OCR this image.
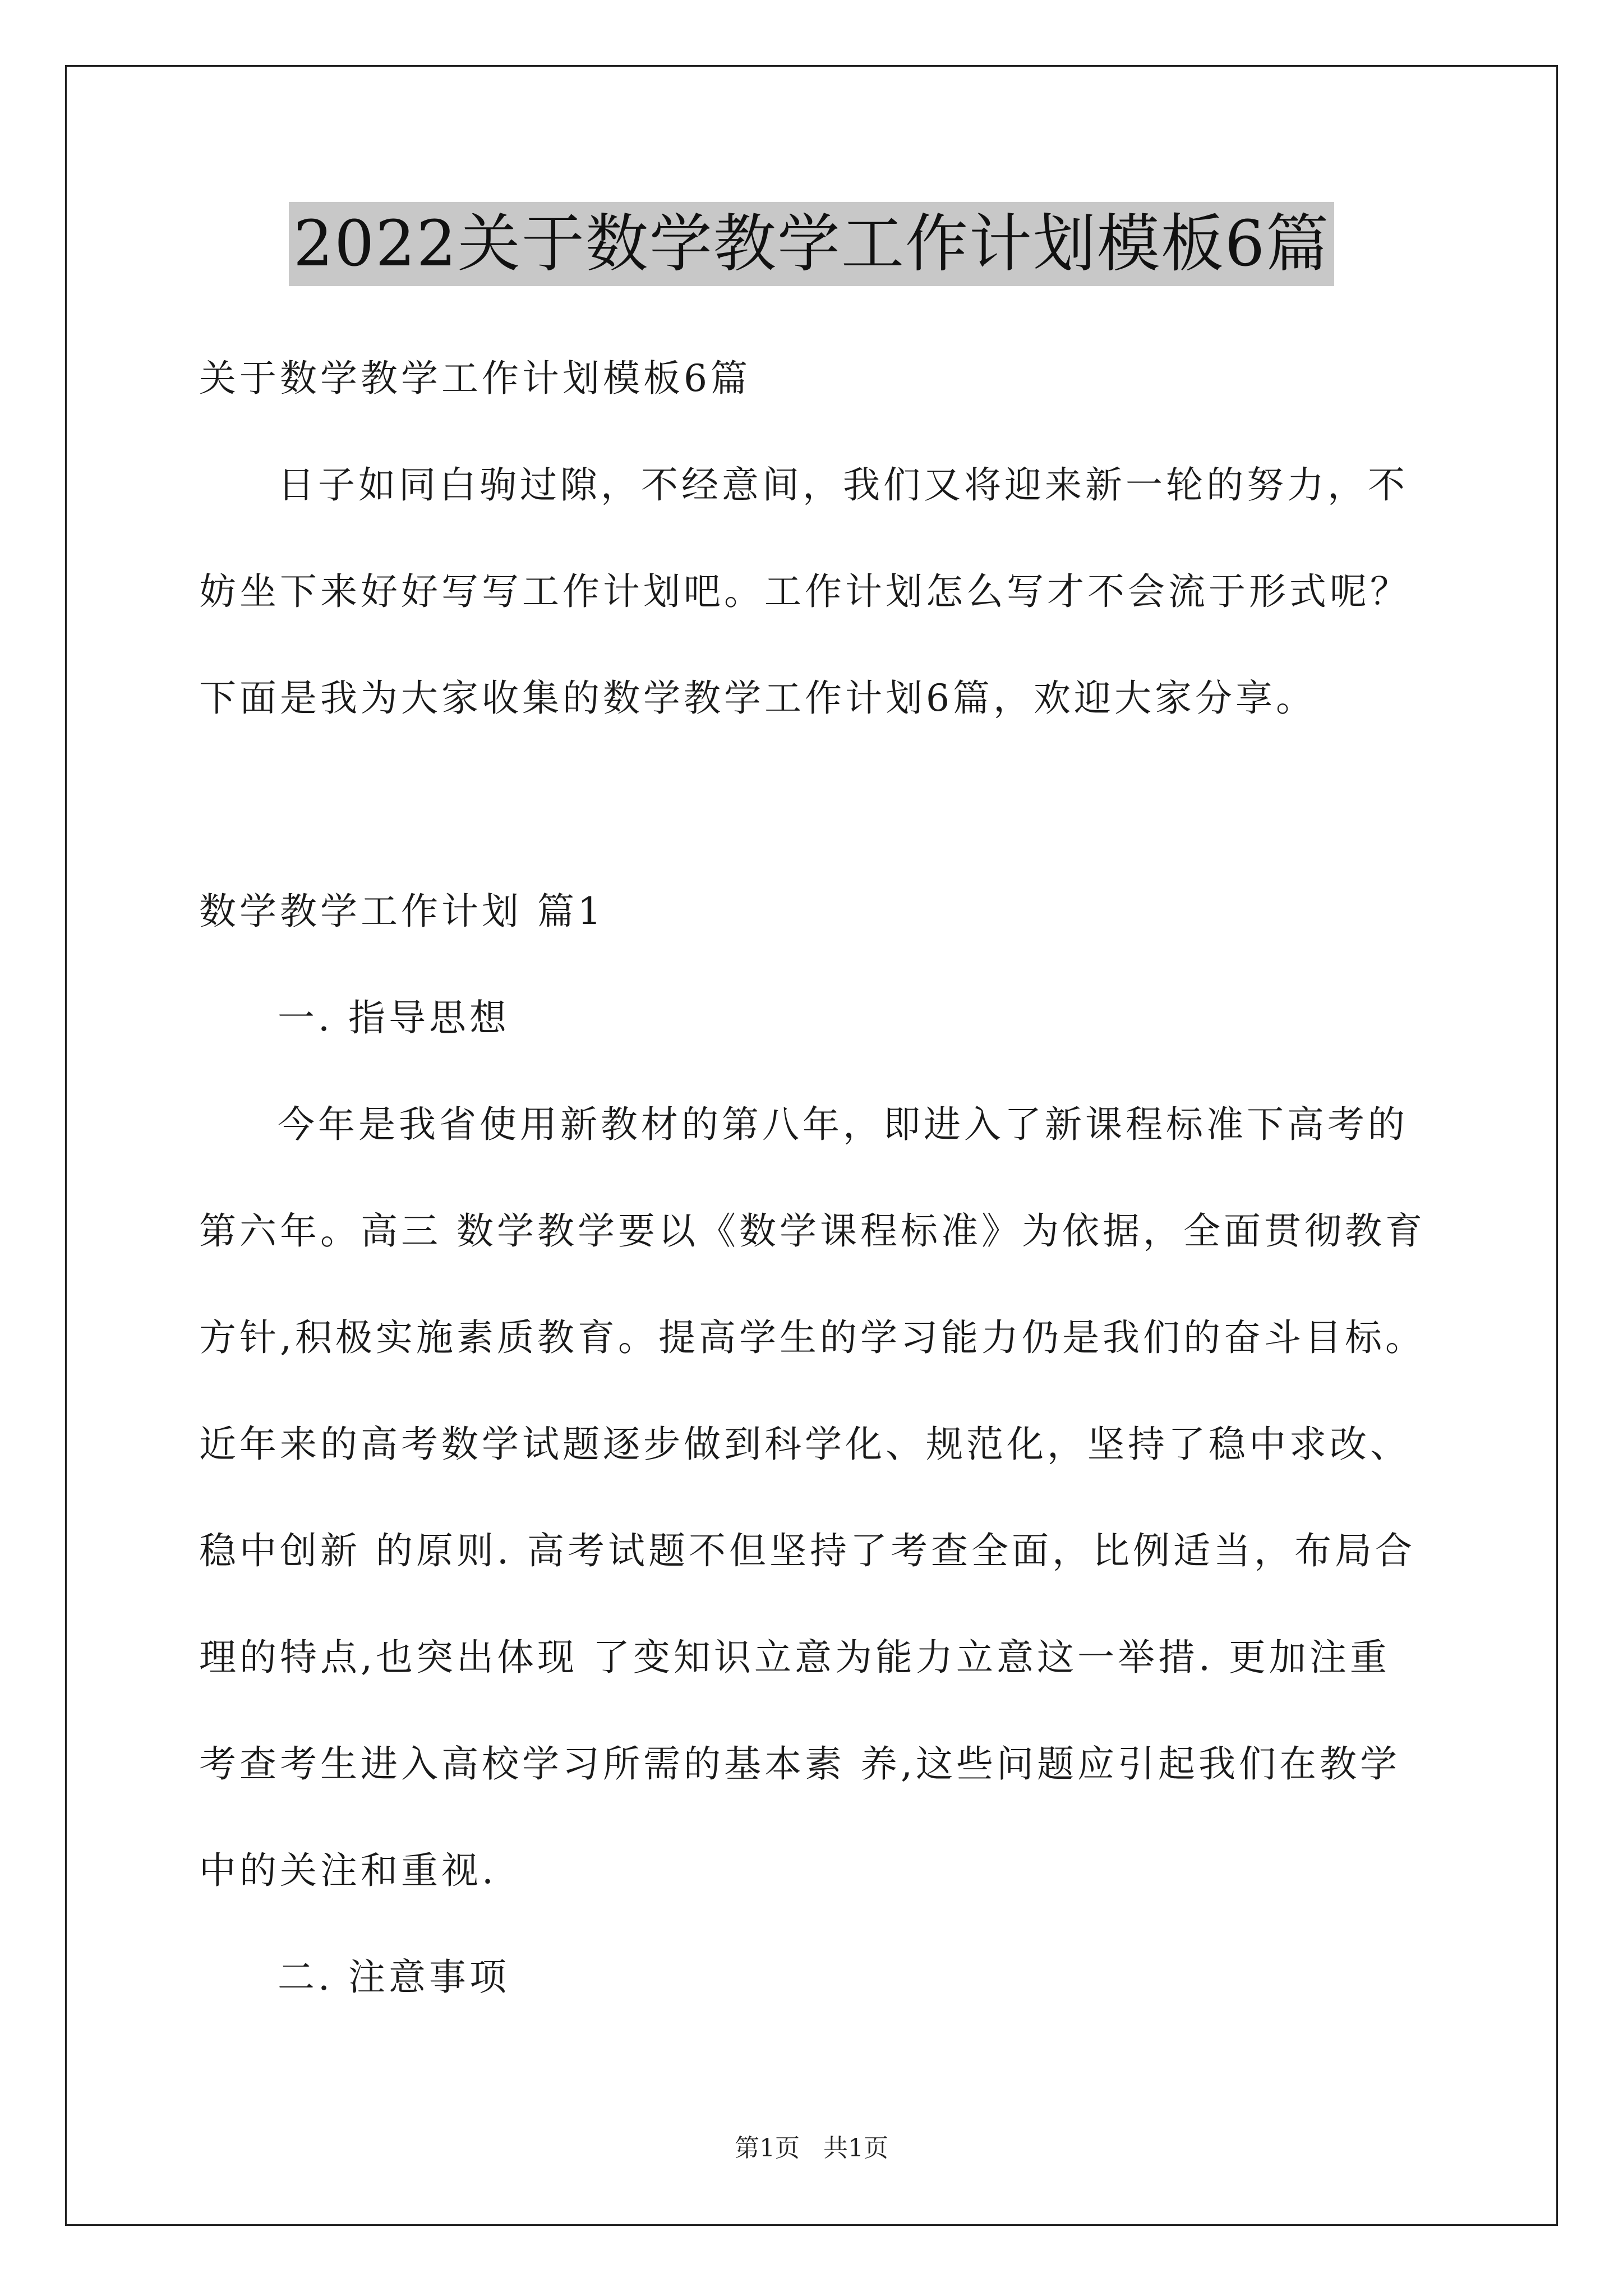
2022关于数学教学工作计划模板6篇
关于数学教学工作计划模板6篇
日子如同白驹过隙，不经意间，我们又将迎来新一轮的努力，不
妨坐下来好好写写工作计划吧。工作计划怎么写才不会流于形式呢？
下面是我为大家收集的数学教学工作计划6篇，欢迎大家分享。
数学教学工作计划 篇1
一. 指导思想
今年是我省使用新教材的第八年，即进入了新课程标准下高考的
第六年。高三 数学教学要以《数学课程标准》为依据，全面贯彻教育
方针,积极实施素质教育。提高学生的学习能力仍是我们的奋斗目标。
近年来的高考数学试题逐步做到科学化、规范化，坚持了稳中求改、
稳中创新 的原则. 高考试题不但坚持了考查全面，比例适当，布局合
理的特点,也突出体现 了变知识立意为能力立意这一举措. 更加注重
考查考生进入高校学习所需的基本素 养,这些问题应引起我们在教学
中的关注和重视.
二. 注意事项
第1页 共1页
